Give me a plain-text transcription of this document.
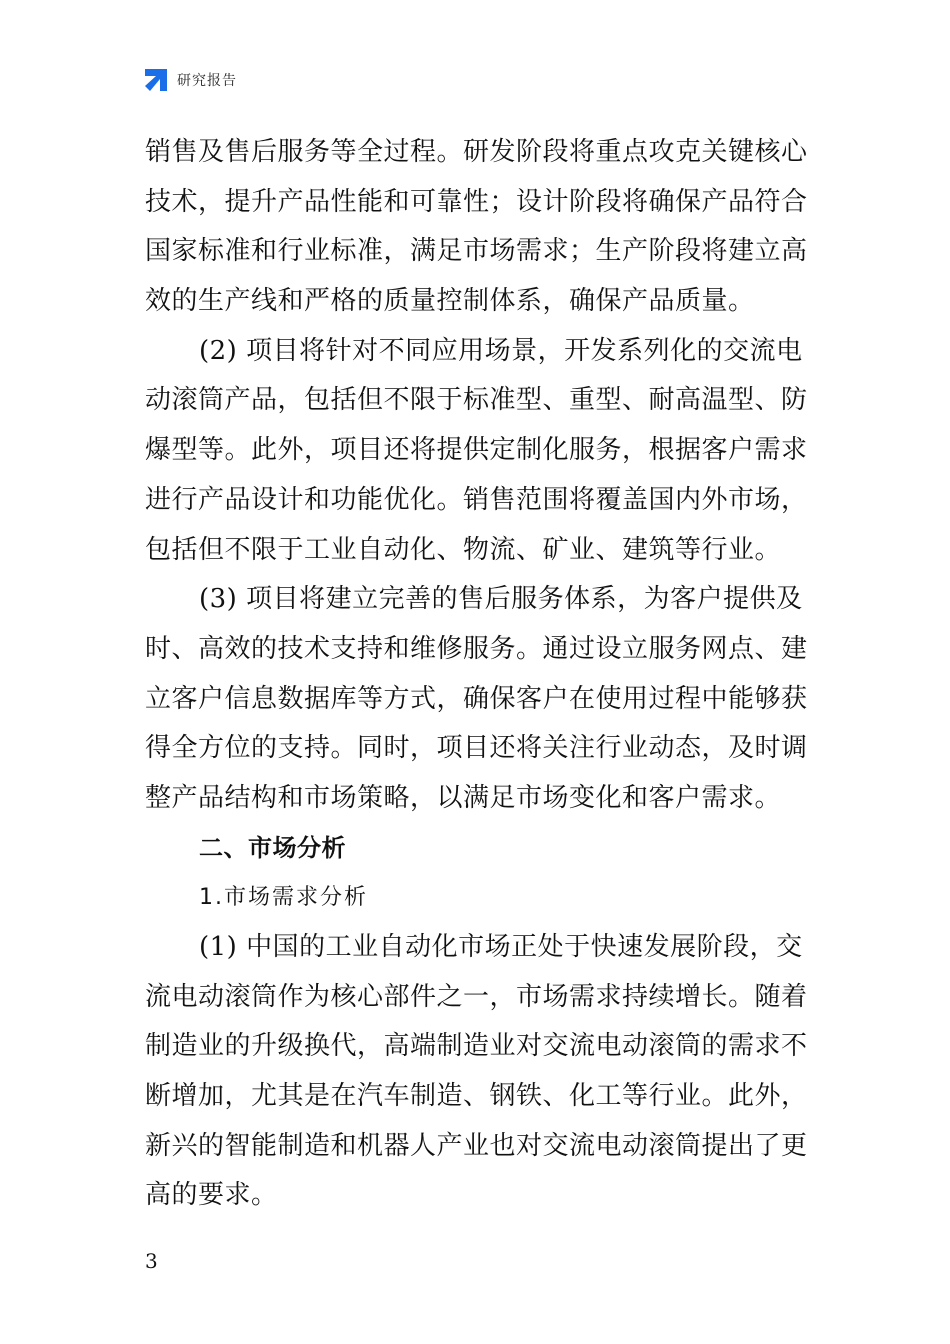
研究报告
销售及售后服务等全过程。研发阶段将重点攻克关键核心
技术，提升产品性能和可靠性；设计阶段将确保产品符合
国家标准和行业标准，满足市场需求；生产阶段将建立高
效的生产线和严格的质量控制体系，确保产品质量。
(2) 项目将针对不同应用场景，开发系列化的交流电
动滚筒产品，包括但不限于标准型、重型、耐高温型、防
爆型等。此外，项目还将提供定制化服务，根据客户需求
进行产品设计和功能优化。销售范围将覆盖国内外市场，
包括但不限于工业自动化、物流、矿业、建筑等行业。
(3) 项目将建立完善的售后服务体系，为客户提供及
时、高效的技术支持和维修服务。通过设立服务网点、建
立客户信息数据库等方式，确保客户在使用过程中能够获
得全方位的支持。同时，项目还将关注行业动态，及时调
整产品结构和市场策略，以满足市场变化和客户需求。
二、市场分析
1.市场需求分析
(1) 中国的工业自动化市场正处于快速发展阶段，交
流电动滚筒作为核心部件之一，市场需求持续增长。随着
制造业的升级换代，高端制造业对交流电动滚筒的需求不
断增加，尤其是在汽车制造、钢铁、化工等行业。此外，
新兴的智能制造和机器人产业也对交流电动滚筒提出了更
高的要求。
3
